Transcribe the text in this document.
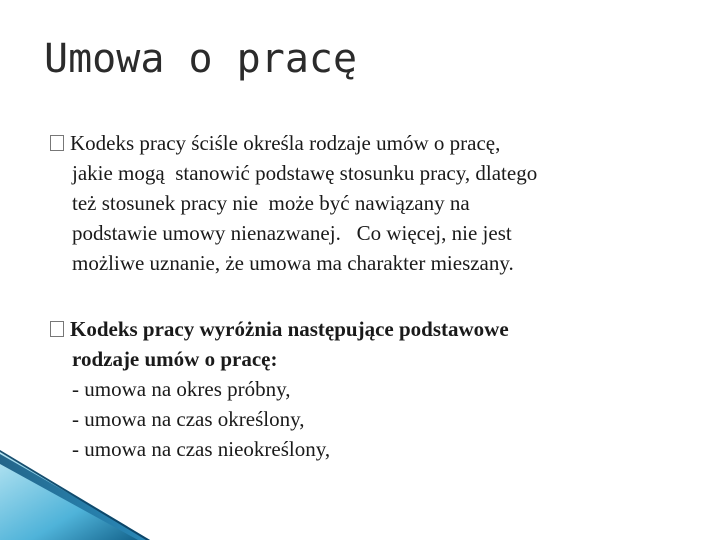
Umowa o pracę
Kodeks pracy ściśle określa rodzaje umów o pracę,
jakie mogą  stanowić podstawę stosunku pracy, dlatego
też stosunek pracy nie  może być nawiązany na
podstawie umowy nienazwanej.   Co więcej, nie jest
możliwe uznanie, że umowa ma charakter mieszany.
Kodeks pracy wyróżnia następujące podstawowe
rodzaje umów o pracę:
- umowa na okres próbny,
- umowa na czas określony,
- umowa na czas nieokreślony,
